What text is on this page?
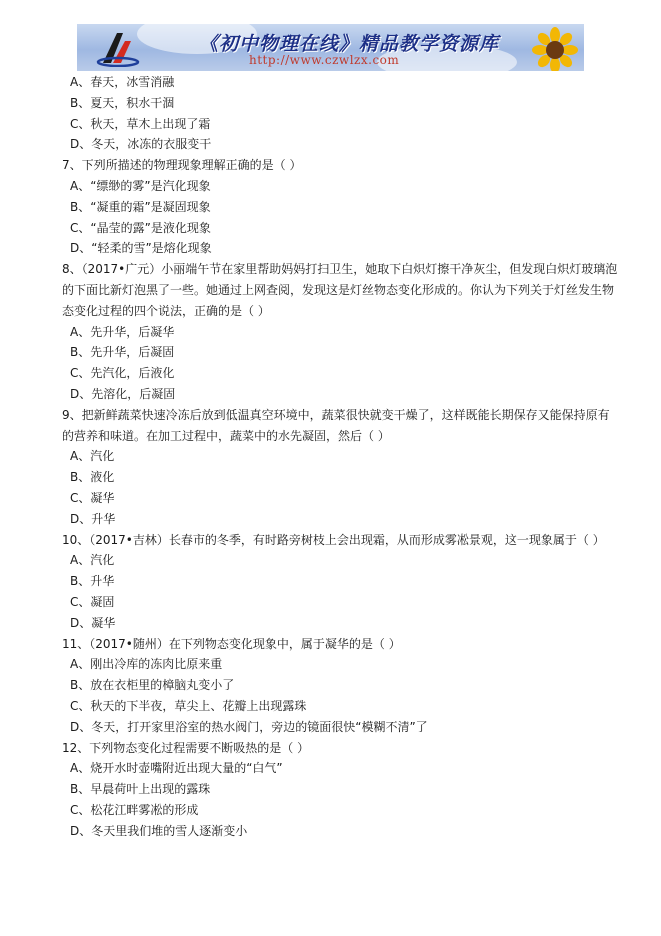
《初中物理在线》精品教学资源库
http://www.czwlzx.com
A、春天，冰雪消融
B、夏天，积水干涸
C、秋天，草木上出现了霜
D、冬天，冰冻的衣服变干
7、下列所描述的物理现象理解正确的是（ ）
A、“缥缈的雾”是汽化现象
B、“凝重的霜”是凝固现象
C、“晶莹的露”是液化现象
D、“轻柔的雪”是熔化现象
8、（2017•广元）小丽端午节在家里帮助妈妈打扫卫生，她取下白炽灯擦干净灰尘，但发现白炽灯玻璃泡
的下面比新灯泡黑了一些。她通过上网查阅，发现这是灯丝物态变化形成的。你认为下列关于灯丝发生物
态变化过程的四个说法，正确的是（ ）
A、先升华，后凝华
B、先升华，后凝固
C、先汽化，后液化
D、先溶化，后凝固
9、把新鲜蔬菜快速冷冻后放到低温真空环境中，蔬菜很快就变干燥了，这样既能长期保存又能保持原有
的营养和味道。在加工过程中，蔬菜中的水先凝固，然后（ ）
A、汽化
B、液化
C、凝华
D、升华
10、（2017•吉林）长春市的冬季，有时路旁树枝上会出现霜，从而形成雾凇景观，这一现象属于（ ）
A、汽化
B、升华
C、凝固
D、凝华
11、（2017•随州）在下列物态变化现象中，属于凝华的是（ ）
A、刚出冷库的冻肉比原来重
B、放在衣柜里的樟脑丸变小了
C、秋天的下半夜，草尖上、花瓣上出现露珠
D、冬天，打开家里浴室的热水阀门，旁边的镜面很快“模糊不清”了
12、下列物态变化过程需要不断吸热的是（ ）
A、烧开水时壶嘴附近出现大量的“白气”
B、早晨荷叶上出现的露珠
C、松花江畔雾凇的形成
D、冬天里我们堆的雪人逐渐变小
